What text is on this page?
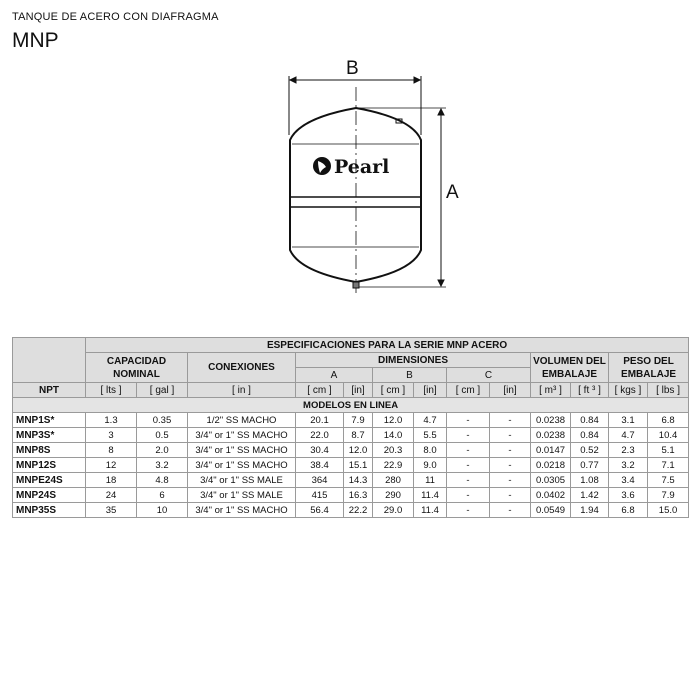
TANQUE DE ACERO CON DIAFRAGMA
MNP
Pearl
B
A
	ESPECIFICACIONES PARA LA SERIE MNP ACERO												
	CAPACIDAD NOMINAL		CONEXIONES	DIMENSIONES						VOLUMEN DEL EMBALAJE		PESO DEL EMBALAJE	
				A		B		C					
NPT	[ lts ]	[ gal ]	[ in ]	[ cm ]	[in]	[ cm ]	[in]	[ cm ]	[in]	[ m³ ]	[ ft ³ ]	[ kgs ]	[ lbs ]
MODELOS EN LINEA													
MNP1S*	1.3	0.35	1/2" SS MACHO	20.1	7.9	12.0	4.7	-	-	0.0238	0.84	3.1	6.8
MNP3S*	3	0.5	3/4" or 1" SS MACHO	22.0	8.7	14.0	5.5	-	-	0.0238	0.84	4.7	10.4
MNP8S	8	2.0	3/4" or 1" SS MACHO	30.4	12.0	20.3	8.0	-	-	0.0147	0.52	2.3	5.1
MNP12S	12	3.2	3/4" or 1" SS MACHO	38.4	15.1	22.9	9.0	-	-	0.0218	0.77	3.2	7.1
MNPE24S	18	4.8	3/4" or 1" SS MALE	364	14.3	280	11	-	-	0.0305	1.08	3.4	7.5
MNP24S	24	6	3/4" or 1" SS MALE	415	16.3	290	11.4	-	-	0.0402	1.42	3.6	7.9
MNP35S	35	10	3/4" or 1" SS MACHO	56.4	22.2	29.0	11.4	-	-	0.0549	1.94	6.8	15.0
